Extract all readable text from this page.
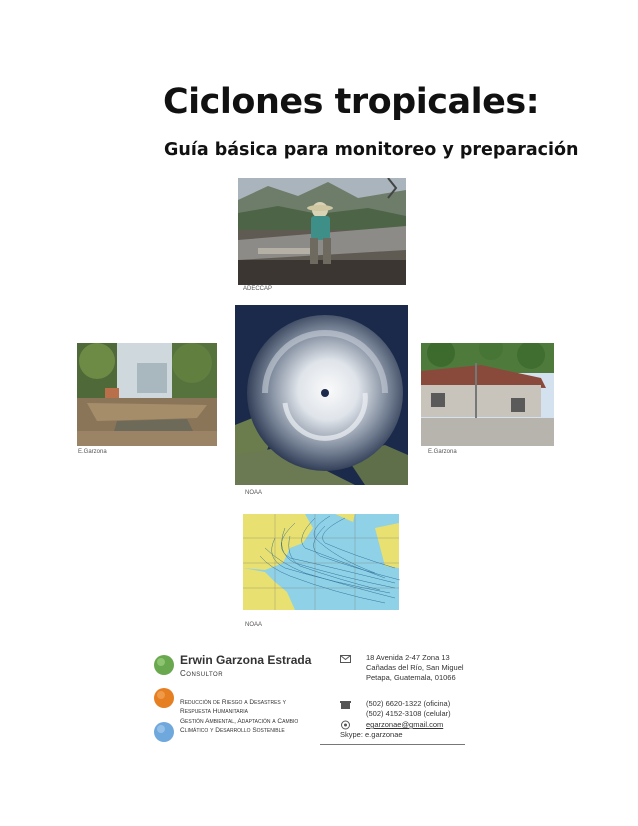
Ciclones tropicales:
Guía básica para monitoreo y preparación
ADECCAP
E.Garzona
NOAA
E.Garzona
NOAA
Erwin Garzona Estrada
Consultor
Reducción de Riesgo a Desastres y
Respuesta Humanitaria
Gestión Ambiental, Adaptación a Cambio
Climático y Desarrollo Sostenible
18 Avenida 2-47 Zona 13
Cañadas del Río, San Miguel
Petapa, Guatemala, 01066
(502) 6620-1322 (oficina)
(502) 4152-3108 (celular)
egarzonae@gmail.com
Skype: e.garzonae
